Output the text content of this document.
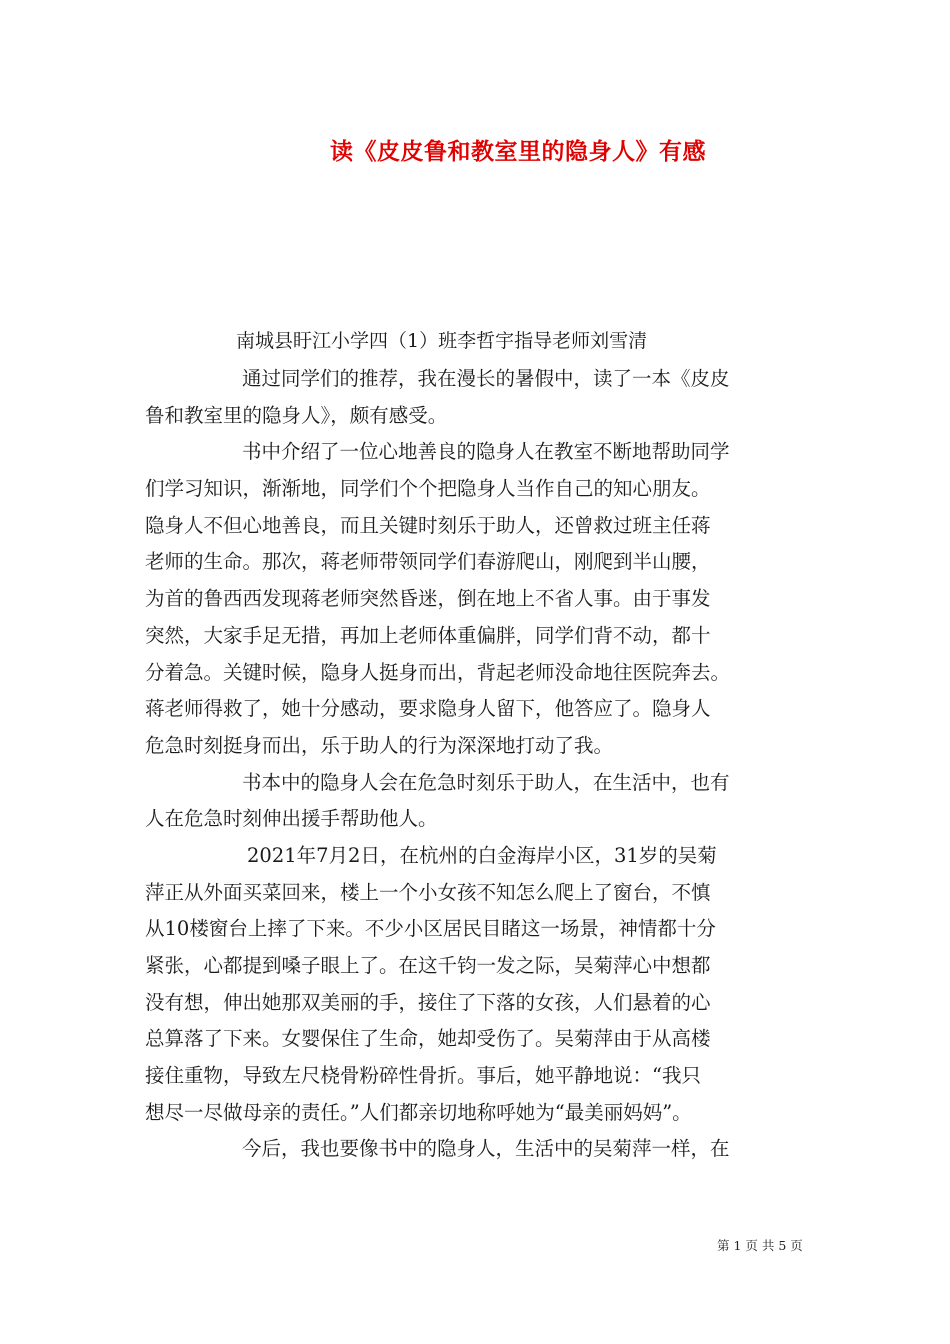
读《皮皮鲁和教室里的隐身人》有感
南城县盱江小学四（1）班李哲宇指导老师刘雪清
通过同学们的推荐，我在漫长的暑假中，读了一本《皮皮
鲁和教室里的隐身人》，颇有感受。
书中介绍了一位心地善良的隐身人在教室不断地帮助同学
们学习知识，渐渐地，同学们个个把隐身人当作自己的知心朋友。
隐身人不但心地善良，而且关键时刻乐于助人，还曾救过班主任蒋
老师的生命。那次，蒋老师带领同学们春游爬山，刚爬到半山腰，
为首的鲁西西发现蒋老师突然昏迷，倒在地上不省人事。由于事发
突然，大家手足无措，再加上老师体重偏胖，同学们背不动，都十
分着急。关键时候，隐身人挺身而出，背起老师没命地往医院奔去。
蒋老师得救了，她十分感动，要求隐身人留下，他答应了。隐身人
危急时刻挺身而出，乐于助人的行为深深地打动了我。
书本中的隐身人会在危急时刻乐于助人，在生活中，也有
人在危急时刻伸出援手帮助他人。
2021年7月2日，在杭州的白金海岸小区，31岁的吴菊
萍正从外面买菜回来，楼上一个小女孩不知怎么爬上了窗台，不慎
从10楼窗台上摔了下来。不少小区居民目睹这一场景，神情都十分
紧张，心都提到嗓子眼上了。在这千钧一发之际，吴菊萍心中想都
没有想，伸出她那双美丽的手，接住了下落的女孩，人们悬着的心
总算落了下来。女婴保住了生命，她却受伤了。吴菊萍由于从高楼
接住重物，导致左尺桡骨粉碎性骨折。事后，她平静地说：“我只
想尽一尽做母亲的责任。”人们都亲切地称呼她为“最美丽妈妈”。
今后，我也要像书中的隐身人，生活中的吴菊萍一样，在
第 1 页 共 5 页
